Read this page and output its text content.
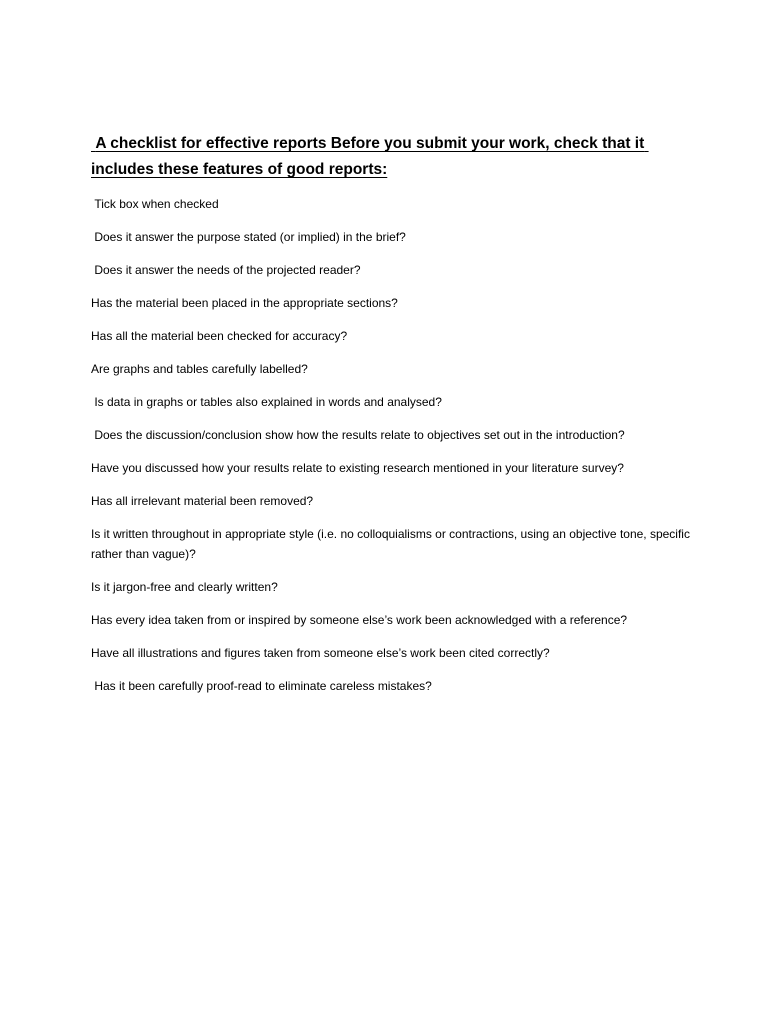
A checklist for effective reports Before you submit your work, check that it includes these features of good reports:
Tick box when checked
Does it answer the purpose stated (or implied) in the brief?
Does it answer the needs of the projected reader?
Has the material been placed in the appropriate sections?
Has all the material been checked for accuracy?
Are graphs and tables carefully labelled?
Is data in graphs or tables also explained in words and analysed?
Does the discussion/conclusion show how the results relate to objectives set out in the introduction?
Have you discussed how your results relate to existing research mentioned in your literature survey?
Has all irrelevant material been removed?
Is it written throughout in appropriate style (i.e. no colloquialisms or contractions, using an objective tone, specific rather than vague)?
Is it jargon-free and clearly written?
Has every idea taken from or inspired by someone else’s work been acknowledged with a reference?
Have all illustrations and figures taken from someone else’s work been cited correctly?
Has it been carefully proof-read to eliminate careless mistakes?
